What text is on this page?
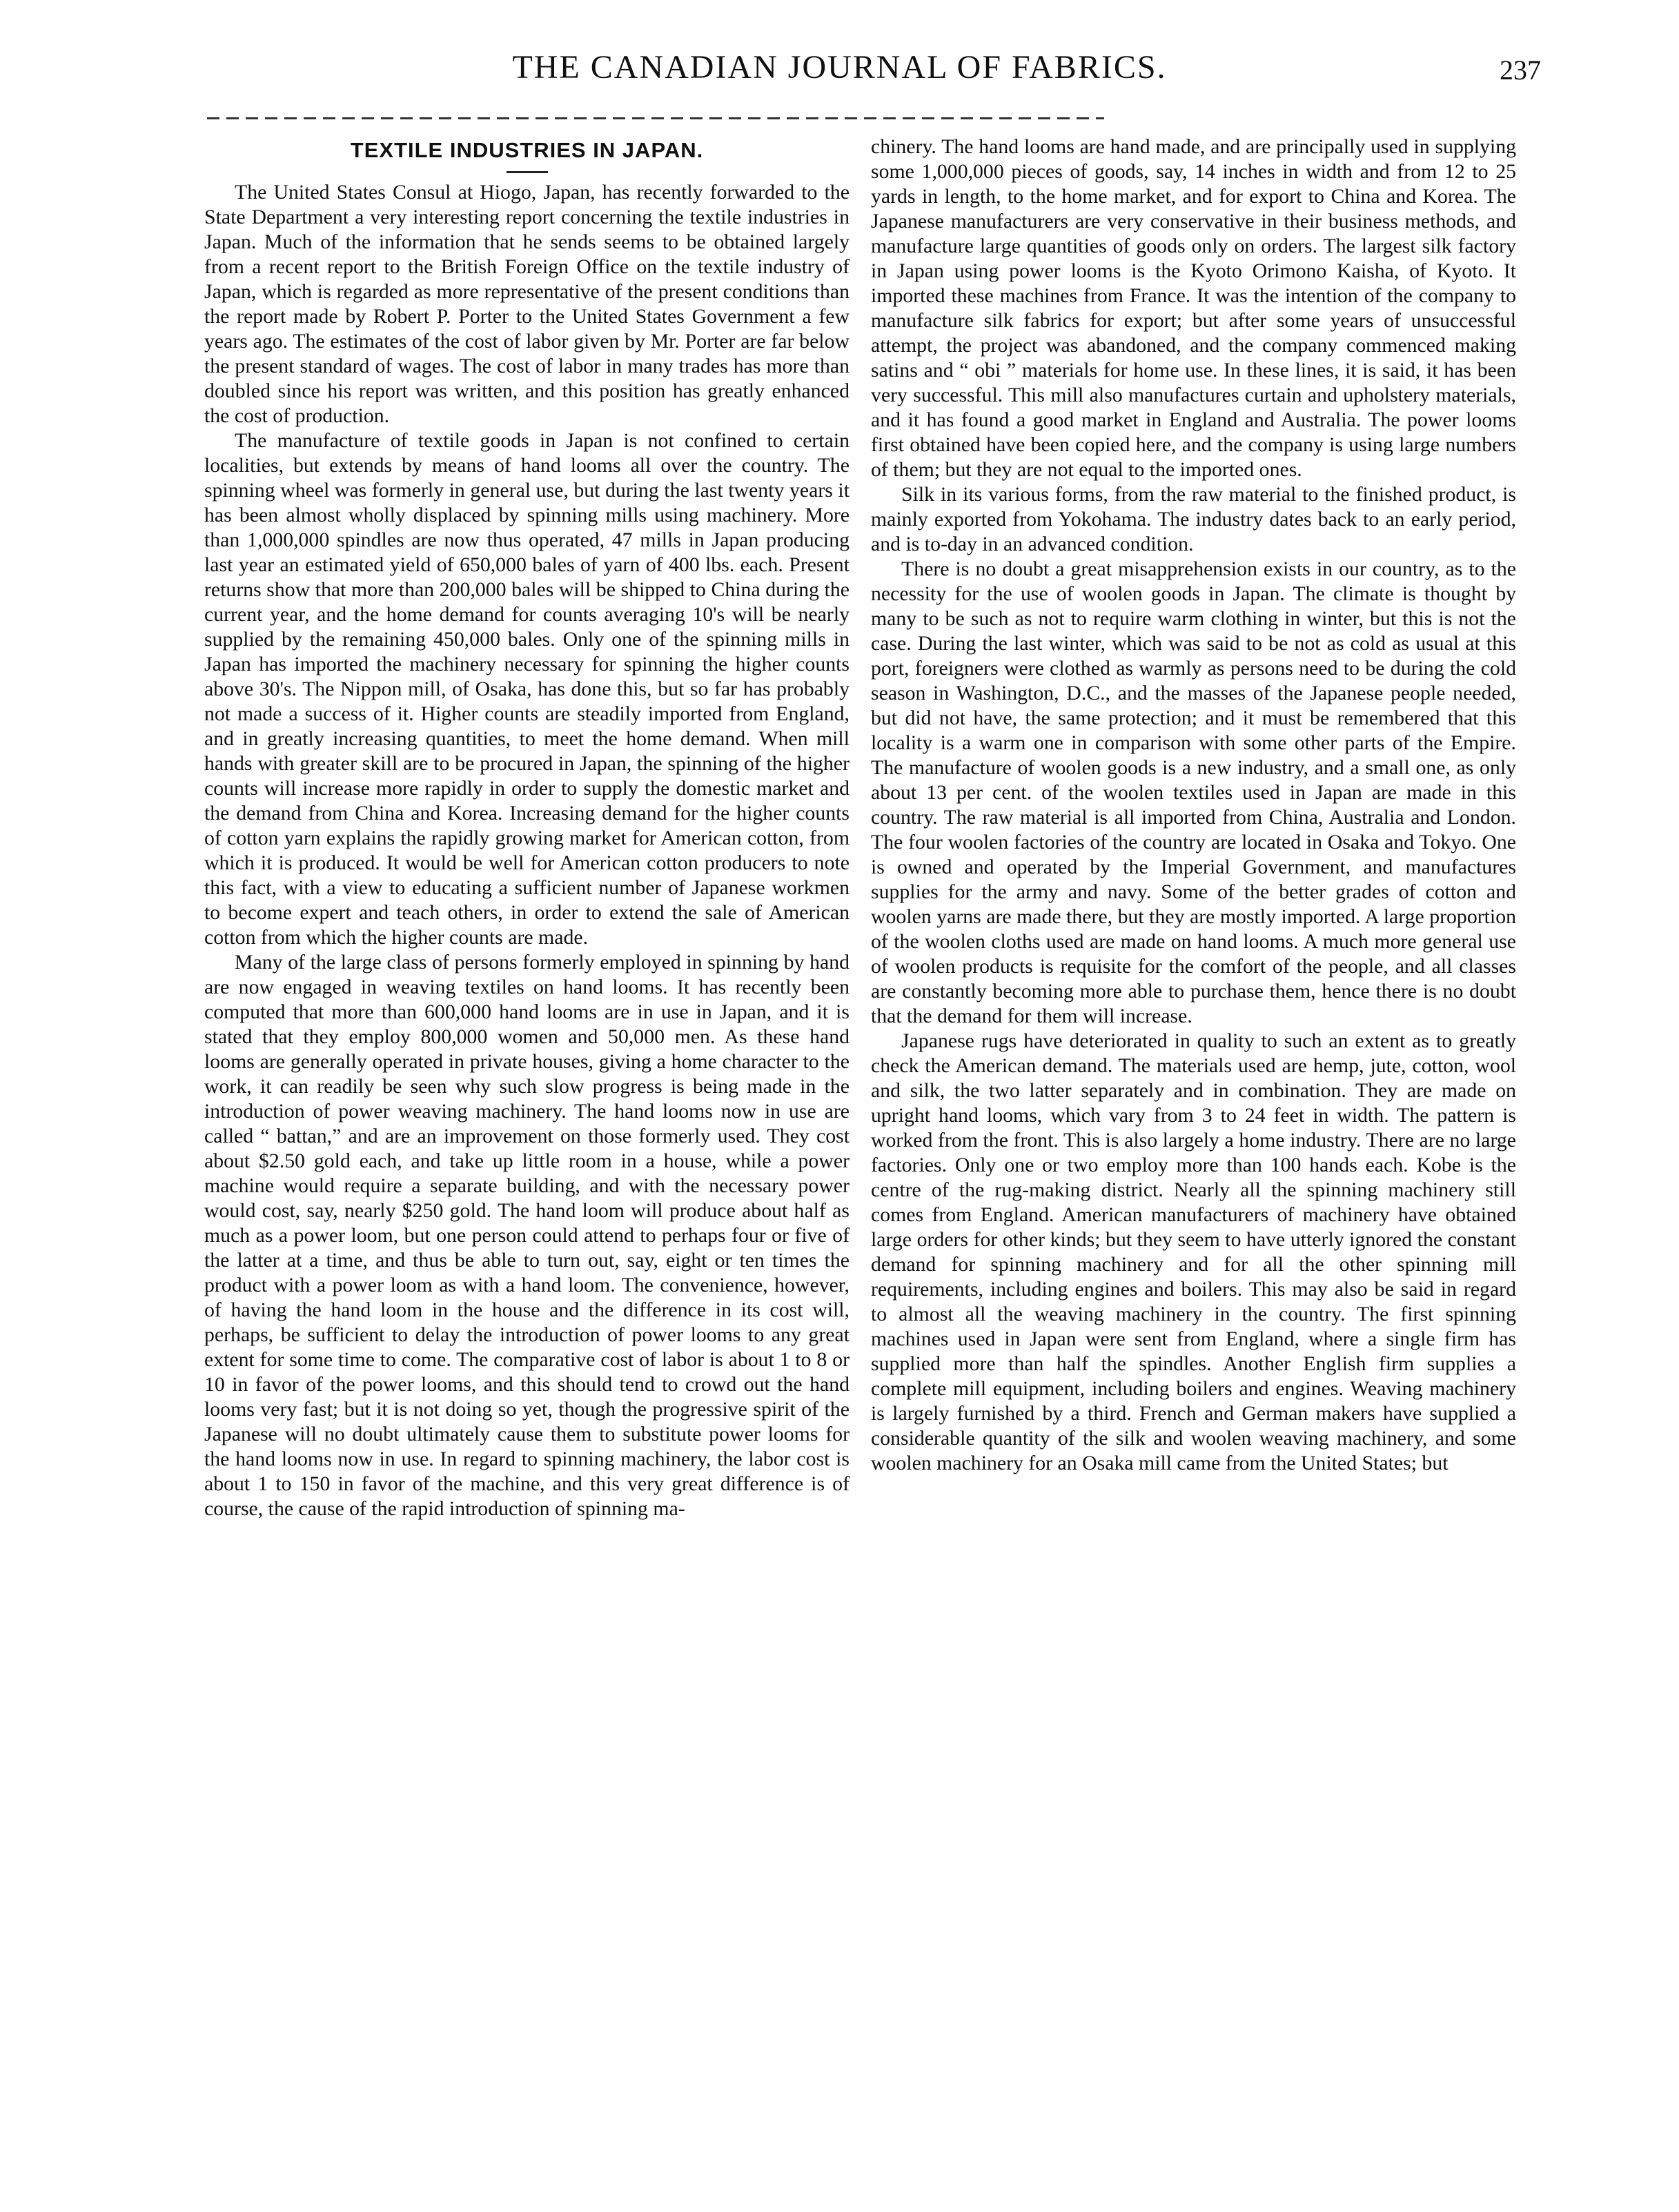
THE CANADIAN JOURNAL OF FABRICS.	237
TEXTILE INDUSTRIES IN JAPAN.

The United States Consul at Hiogo, Japan, has recently forwarded to the State Department a very interesting report concerning the textile industries in Japan. Much of the information that he sends seems to be obtained largely from a recent report to the British Foreign Office on the textile industry of Japan, which is regarded as more representative of the present conditions than the report made by Robert P. Porter to the United States Government a few years ago. The estimates of the cost of labor given by Mr. Porter are far below the present standard of wages. The cost of labor in many trades has more than doubled since his report was written, and this position has greatly enhanced the cost of production.

The manufacture of textile goods in Japan is not confined to certain localities, but extends by means of hand looms all over the country. The spinning wheel was formerly in general use, but during the last twenty years it has been almost wholly displaced by spinning mills using machinery. More than 1,000,000 spindles are now thus operated, 47 mills in Japan producing last year an estimated yield of 650,000 bales of yarn of 400 lbs. each. Present returns show that more than 200,000 bales will be shipped to China during the current year, and the home demand for counts averaging 10's will be nearly supplied by the remaining 450,000 bales. Only one of the spinning mills in Japan has imported the machinery necessary for spinning the higher counts above 30's. The Nippon mill, of Osaka, has done this, but so far has probably not made a success of it. Higher counts are steadily imported from England, and in greatly increasing quantities, to meet the home demand. When mill hands with greater skill are to be procured in Japan, the spinning of the higher counts will increase more rapidly in order to supply the domestic market and the demand from China and Korea. Increasing demand for the higher counts of cotton yarn explains the rapidly growing market for American cotton, from which it is produced. It would be well for American cotton producers to note this fact, with a view to educating a sufficient number of Japanese workmen to become expert and teach others, in order to extend the sale of American cotton from which the higher counts are made.

Many of the large class of persons formerly employed in spinning by hand are now engaged in weaving textiles on hand looms. It has recently been computed that more than 600,000 hand looms are in use in Japan, and it is stated that they employ 800,000 women and 50,000 men. As these hand looms are generally operated in private houses, giving a home character to the work, it can readily be seen why such slow progress is being made in the introduction of power weaving machinery. The hand looms now in use are called “ battan,” and are an improvement on those formerly used. They cost about $2.50 gold each, and take up little room in a house, while a power machine would require a separate building, and with the necessary power would cost, say, nearly $250 gold. The hand loom will produce about half as much as a power loom, but one person could attend to perhaps four or five of the latter at a time, and thus be able to turn out, say, eight or ten times the product with a power loom as with a hand loom. The convenience, however, of having the hand loom in the house and the difference in its cost will, perhaps, be sufficient to delay the introduction of power looms to any great extent for some time to come. The comparative cost of labor is about 1 to 8 or 10 in favor of the power looms, and this should tend to crowd out the hand looms very fast; but it is not doing so yet, though the progressive spirit of the Japanese will no doubt ultimately cause them to substitute power looms for the hand looms now in use. In regard to spinning machinery, the labor cost is about 1 to 150 in favor of the machine, and this very great difference is of course, the cause of the rapid introduction of spinning ma-

chinery. The hand looms are hand made, and are principally used in supplying some 1,000,000 pieces of goods, say, 14 inches in width and from 12 to 25 yards in length, to the home market, and for export to China and Korea. The Japanese manufacturers are very conservative in their business methods, and manufacture large quantities of goods only on orders. The largest silk factory in Japan using power looms is the Kyoto Orimono Kaisha, of Kyoto. It imported these machines from France. It was the intention of the company to manufacture silk fabrics for export; but after some years of unsuccessful attempt, the project was abandoned, and the company commenced making satins and “ obi ” materials for home use. In these lines, it is said, it has been very successful. This mill also manufactures curtain and upholstery materials, and it has found a good market in England and Australia. The power looms first obtained have been copied here, and the company is using large numbers of them; but they are not equal to the imported ones.

Silk in its various forms, from the raw material to the finished product, is mainly exported from Yokohama. The industry dates back to an early period, and is to-day in an advanced condition.

There is no doubt a great misapprehension exists in our country, as to the necessity for the use of woolen goods in Japan. The climate is thought by many to be such as not to require warm clothing in winter, but this is not the case. During the last winter, which was said to be not as cold as usual at this port, foreigners were clothed as warmly as persons need to be during the cold season in Washington, D.C., and the masses of the Japanese people needed, but did not have, the same protection; and it must be remembered that this locality is a warm one in comparison with some other parts of the Empire. The manufacture of woolen goods is a new industry, and a small one, as only about 13 per cent. of the woolen textiles used in Japan are made in this country. The raw material is all imported from China, Australia and London. The four woolen factories of the country are located in Osaka and Tokyo. One is owned and operated by the Imperial Government, and manufactures supplies for the army and navy. Some of the better grades of cotton and woolen yarns are made there, but they are mostly imported. A large proportion of the woolen cloths used are made on hand looms. A much more general use of woolen products is requisite for the comfort of the people, and all classes are constantly becoming more able to purchase them, hence there is no doubt that the demand for them will increase.

Japanese rugs have deteriorated in quality to such an extent as to greatly check the American demand. The materials used are hemp, jute, cotton, wool and silk, the two latter separately and in combination. They are made on upright hand looms, which vary from 3 to 24 feet in width. The pattern is worked from the front. This is also largely a home industry. There are no large factories. Only one or two employ more than 100 hands each. Kobe is the centre of the rug-making district. Nearly all the spinning machinery still comes from England. American manufacturers of machinery have obtained large orders for other kinds; but they seem to have utterly ignored the constant demand for spinning machinery and for all the other spinning mill requirements, including engines and boilers. This may also be said in regard to almost all the weaving machinery in the country. The first spinning machines used in Japan were sent from England, where a single firm has supplied more than half the spindles. Another English firm supplies a complete mill equipment, including boilers and engines. Weaving machinery is largely furnished by a third. French and German makers have supplied a considerable quantity of the silk and woolen weaving machinery, and some woolen machinery for an Osaka mill came from the United States; but
